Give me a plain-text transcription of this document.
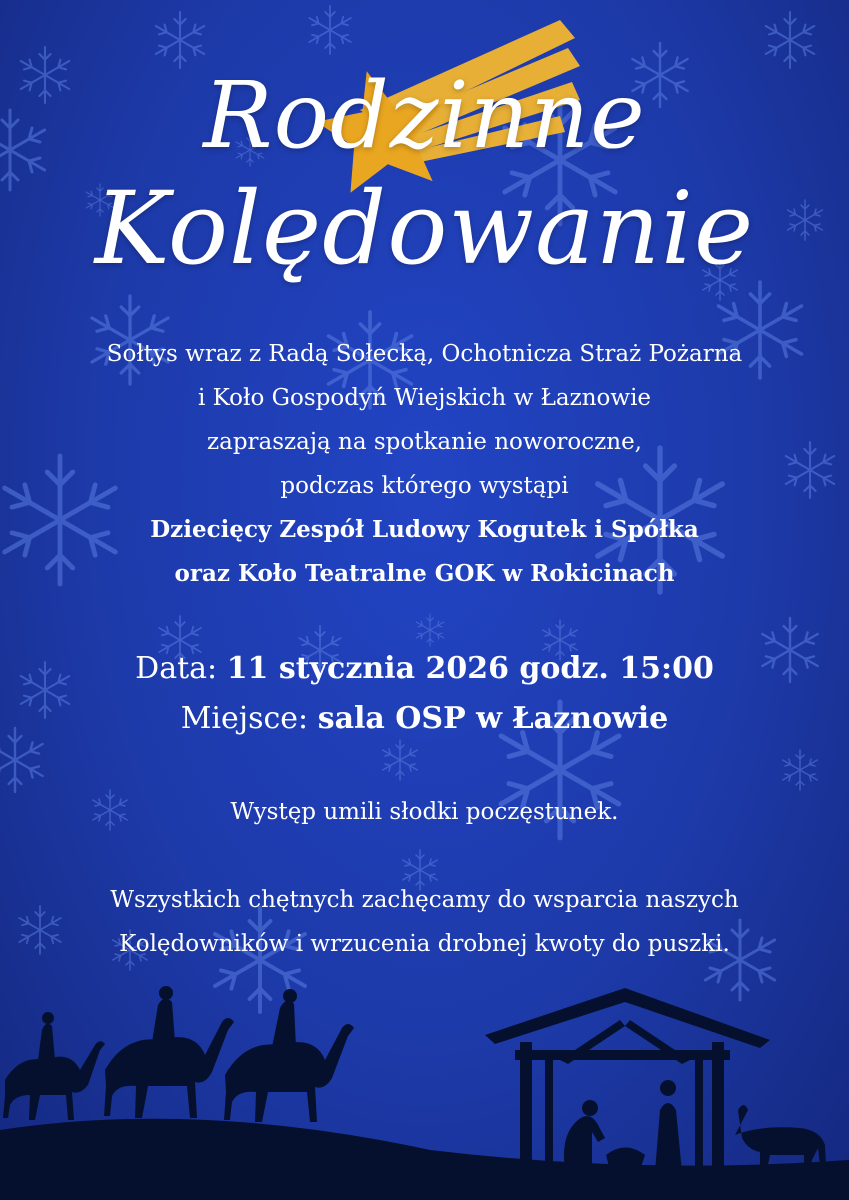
Rodzinne
Kolędowanie
Sołtys wraz z Radą Sołecką, Ochotnicza Straż Pożarna
i Koło Gospodyń Wiejskich w Łaznowie
zapraszają na spotkanie noworoczne,
podczas którego wystąpi
Dziecięcy Zespół Ludowy Kogutek i Spółka
oraz Koło Teatralne GOK w Rokicinach
Data: 11 stycznia 2026 godz. 15:00
Miejsce: sala OSP w Łaznowie
Występ umili słodki poczęstunek.
Wszystkich chętnych zachęcamy do wsparcia naszych
Kolędowników i wrzucenia drobnej kwoty do puszki.
